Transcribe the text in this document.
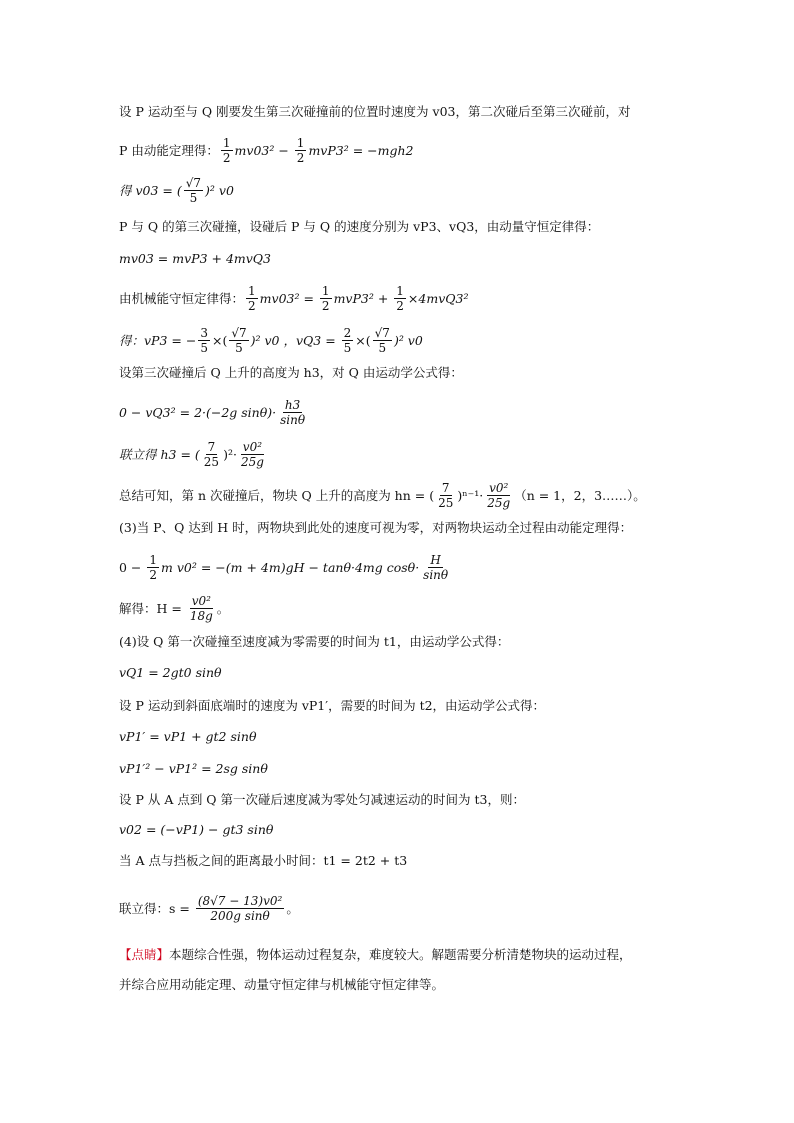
设 P 运动至与 Q 刚要发生第三次碰撞前的位置时速度为 v03，第二次碰后至第三次碰前，对
P 由动能定理得： $\frac{1}{2} mv03^2 - \frac{1}{2} mvP3^2 = -mgh2$
得 v03 = ( $\frac{√7}{5} )^2$ v0
P 与 Q 的第三次碰撞，设碰后 P 与 Q 的速度分别为 vP3、vQ3，由动量守恒定律得：
mv03 = mvP3 + 4mvQ3
由机械能守恒定律得： $\frac{1}{2} mv03^2 = \frac{1}{2} mvP3^2 + \frac{1}{2} \times 4mvQ3^2$
得：vP3 = − $\frac{3}{5}$ ×( $\frac{√7}{5} )^2$ v0 ，$vQ3 = \frac{2}{5}$ ×( $\frac{√7}{5} )^2$ v0
设第三次碰撞后 Q 上升的高度为 h3，对 Q 由运动学公式得：
0 − vQ3² = 2·(−2g $\sin\theta)\cdot \frac{h3}{\sin\theta}$
联立得 h3 = ( $\frac{7}{25} )^2\cdot \frac{\text{v0²}}{25g}$
总结可知，第 n 次碰撞后，物块 Q 上升的高度为 hn = ( $\frac{7}{25} )^{n-1}\cdot \frac{\text{v0²}}{25g} (n = 1$，2，3……）。
(3)当 P、Q 达到 H 时，两物块到此处的速度可视为零，对两物块运动全过程由动能定理得：
$0 - \frac{1}{2}$ m v0² = −(m + 4m)gH − tanθ·4mg $\cos\theta\cdot \frac{H}{\sin\theta}$
解得：$H = \frac{\text{v0²}}{18g}$ 。
(4)设 Q 第一次碰撞至速度减为零需要的时间为 t1，由运动学公式得：
vQ1 = 2gt0 sinθ
设 P 运动到斜面底端时的速度为 vP1′，需要的时间为 t2，由运动学公式得：
vP1′ = vP1 + gt2 sinθ
vP1′² − vP1² = 2sg sinθ
设 P 从 A 点到 Q 第一次碰后速度减为零处匀减速运动的时间为 t3，则：
v02 = (−vP1) − gt3 sinθ
当 A 点与挡板之间的距离最小时间：t1 = 2t2 + t3
联立得：$s = \frac{\text{(8√7 − 13)v0²}}{\text{200g sinθ}}$ 。
【点睛】 本题综合性强，物体运动过程复杂，难度较大。解题需要分析清楚物块的运动过程，
并综合应用动能定理、动量守恒定律与机械能守恒定律等。
